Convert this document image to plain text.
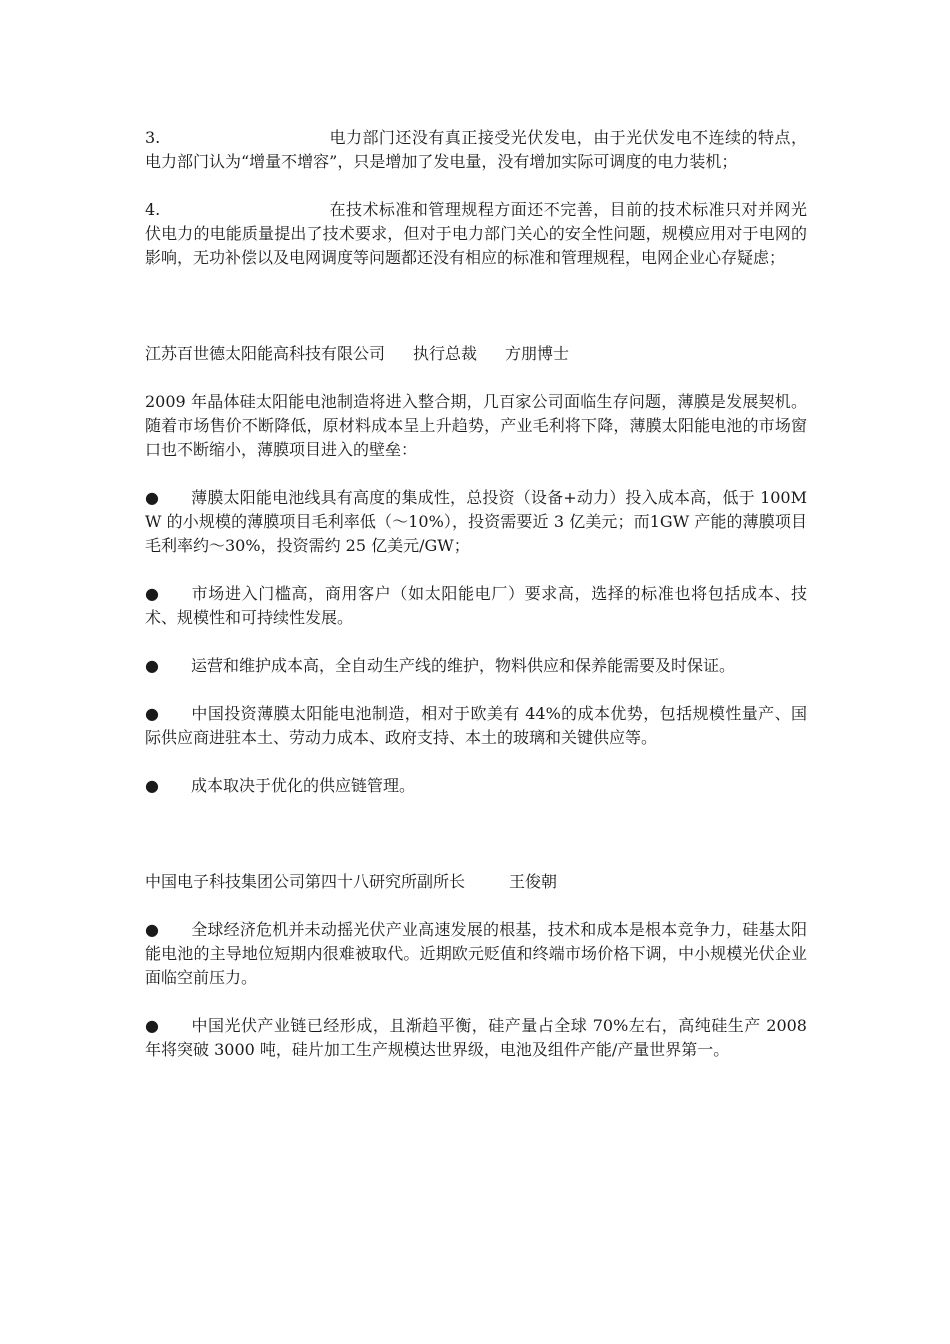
3.	电力部门还没有真正接受光伏发电，由于光伏发电不连续的特点，电力部门认为“增量不增容”，只是增加了发电量，没有增加实际可调度的电力装机；

4.	在技术标准和管理规程方面还不完善，目前的技术标准只对并网光伏电力的电能质量提出了技术要求，但对于电力部门关心的安全性问题，规模应用对于电网的影响，无功补偿以及电网调度等问题都还没有相应的标准和管理规程，电网企业心存疑虑；

江苏百世德太阳能高科技有限公司 执行总裁 方朋博士

2009 年晶体硅太阳能电池制造将进入整合期，几百家公司面临生存问题，薄膜是发展契机。随着市场售价不断降低，原材料成本呈上升趋势，产业毛利将下降，薄膜太阳能电池的市场窗口也不断缩小，薄膜项目进入的壁垒：

● 薄膜太阳能电池线具有高度的集成性，总投资（设备+动力）投入成本高，低于 100MW 的小规模的薄膜项目毛利率低（～10%），投资需要近 3 亿美元；而1GW 产能的薄膜项目毛利率约～30%，投资需约 25 亿美元/GW；

● 市场进入门槛高，商用客户（如太阳能电厂）要求高，选择的标准也将包括成本、技术、规模性和可持续性发展。

● 运营和维护成本高，全自动生产线的维护，物料供应和保养能需要及时保证。

● 中国投资薄膜太阳能电池制造，相对于欧美有 44%的成本优势，包括规模性量产、国际供应商进驻本土、劳动力成本、政府支持、本土的玻璃和关键供应等。

● 成本取决于优化的供应链管理。

中国电子科技集团公司第四十八研究所副所长	王俊朝

● 全球经济危机并未动摇光伏产业高速发展的根基，技术和成本是根本竞争力，硅基太阳能电池的主导地位短期内很难被取代。近期欧元贬值和终端市场价格下调，中小规模光伏企业面临空前压力。

● 中国光伏产业链已经形成，且渐趋平衡，硅产量占全球 70%左右，高纯硅生产 2008 年将突破 3000 吨，硅片加工生产规模达世界级，电池及组件产能/产量世界第一。
